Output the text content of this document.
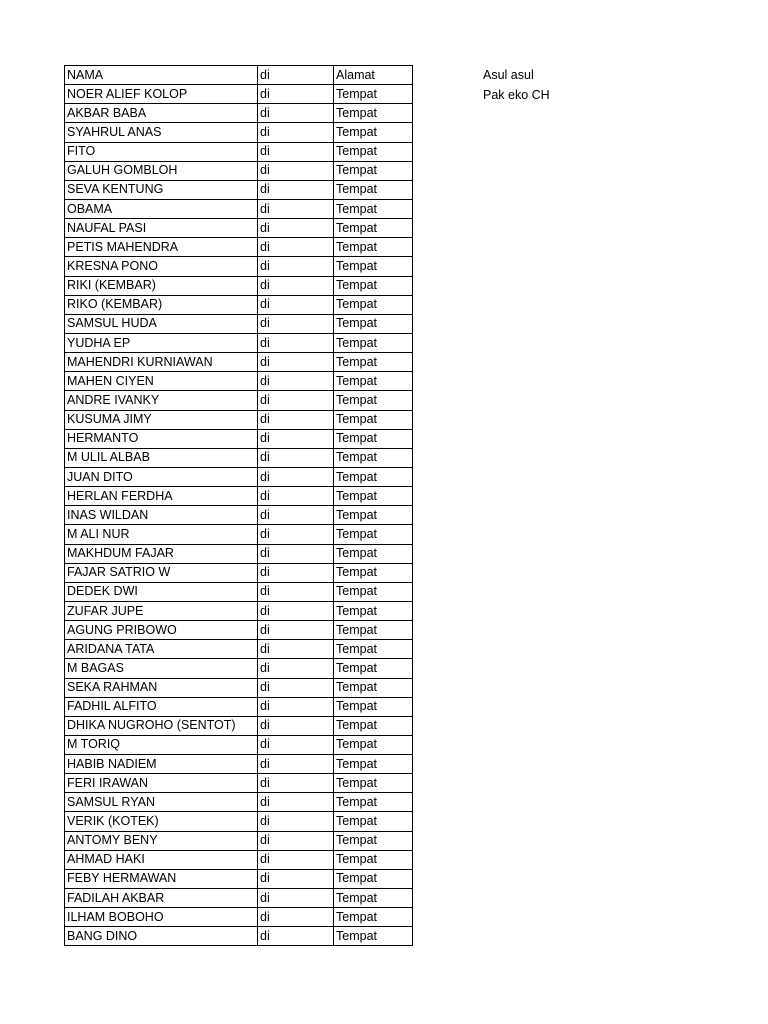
NAMA	di	Alamat
NOER ALIEF KOLOP	di	Tempat
AKBAR BABA	di	Tempat
SYAHRUL ANAS	di	Tempat
FITO	di	Tempat
GALUH GOMBLOH	di	Tempat
SEVA KENTUNG	di	Tempat
OBAMA	di	Tempat
NAUFAL PASI	di	Tempat
PETIS MAHENDRA	di	Tempat
KRESNA PONO	di	Tempat
RIKI (KEMBAR)	di	Tempat
RIKO (KEMBAR)	di	Tempat
SAMSUL HUDA	di	Tempat
YUDHA EP	di	Tempat
MAHENDRI KURNIAWAN	di	Tempat
MAHEN CIYEN	di	Tempat
ANDRE IVANKY	di	Tempat
KUSUMA JIMY	di	Tempat
HERMANTO	di	Tempat
M ULIL ALBAB	di	Tempat
JUAN DITO	di	Tempat
HERLAN FERDHA	di	Tempat
INAS WILDAN	di	Tempat
M ALI NUR	di	Tempat
MAKHDUM FAJAR	di	Tempat
FAJAR SATRIO W	di	Tempat
DEDEK DWI	di	Tempat
ZUFAR JUPE	di	Tempat
AGUNG PRIBOWO	di	Tempat
ARIDANA TATA	di	Tempat
M BAGAS	di	Tempat
SEKA RAHMAN	di	Tempat
FADHIL ALFITO	di	Tempat
DHIKA NUGROHO (SENTOT)	di	Tempat
M TORIQ	di	Tempat
HABIB NADIEM	di	Tempat
FERI IRAWAN	di	Tempat
SAMSUL RYAN	di	Tempat
VERIK (KOTEK)	di	Tempat
ANTOMY BENY	di	Tempat
AHMAD HAKI	di	Tempat
FEBY HERMAWAN	di	Tempat
FADILAH AKBAR	di	Tempat
ILHAM BOBOHO	di	Tempat
BANG DINO	di	Tempat
Asul asul
Pak eko CH
